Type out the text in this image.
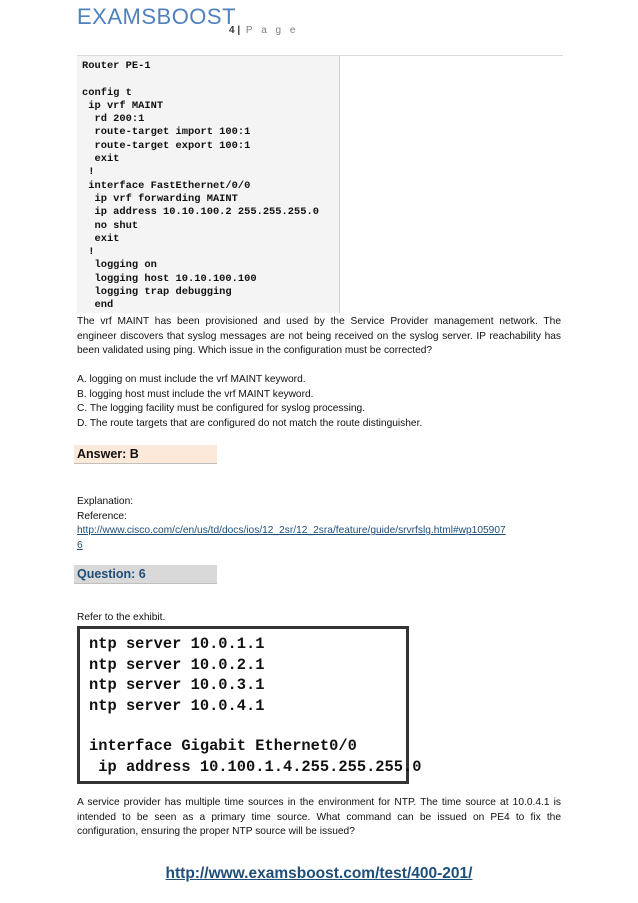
EXAMSBOOST
4 | P a g e
Router PE-1

config t
ip vrf MAINT
rd 200:1
route-target import 100:1
route-target export 100:1
exit
!
interface FastEthernet/0/0
ip vrf forwarding MAINT
ip address 10.10.100.2 255.255.255.0
no shut
exit
!
logging on
logging host 10.10.100.100
logging trap debugging
end
The vrf MAINT has been provisioned and used by the Service Provider management network. The engineer discovers that syslog messages are not being received on the syslog server. IP reachability has been validated using ping. Which issue in the configuration must be corrected?
A. logging on must include the vrf MAINT keyword.
B. logging host must include the vrf MAINT keyword.
C. The logging facility must be configured for syslog processing.
D. The route targets that are configured do not match the route distinguisher.
Answer: B
Explanation:
Reference:
http://www.cisco.com/c/en/us/td/docs/ios/12_2sr/12_2sra/feature/guide/srvrfslg.html#wp105907
6
Question: 6
Refer to the exhibit.
ntp server 10.0.1.1
ntp server 10.0.2.1
ntp server 10.0.3.1
ntp server 10.0.4.1
interface Gigabit Ethernet0/0
ip address 10.100.1.4.255.255.255.0
A service provider has multiple time sources in the environment for NTP. The time source at 10.0.4.1 is intended to be seen as a primary time source. What command can be issued on PE4 to fix the configuration, ensuring the proper NTP source will be issued?
http://www.examsboost.com/test/400-201/
